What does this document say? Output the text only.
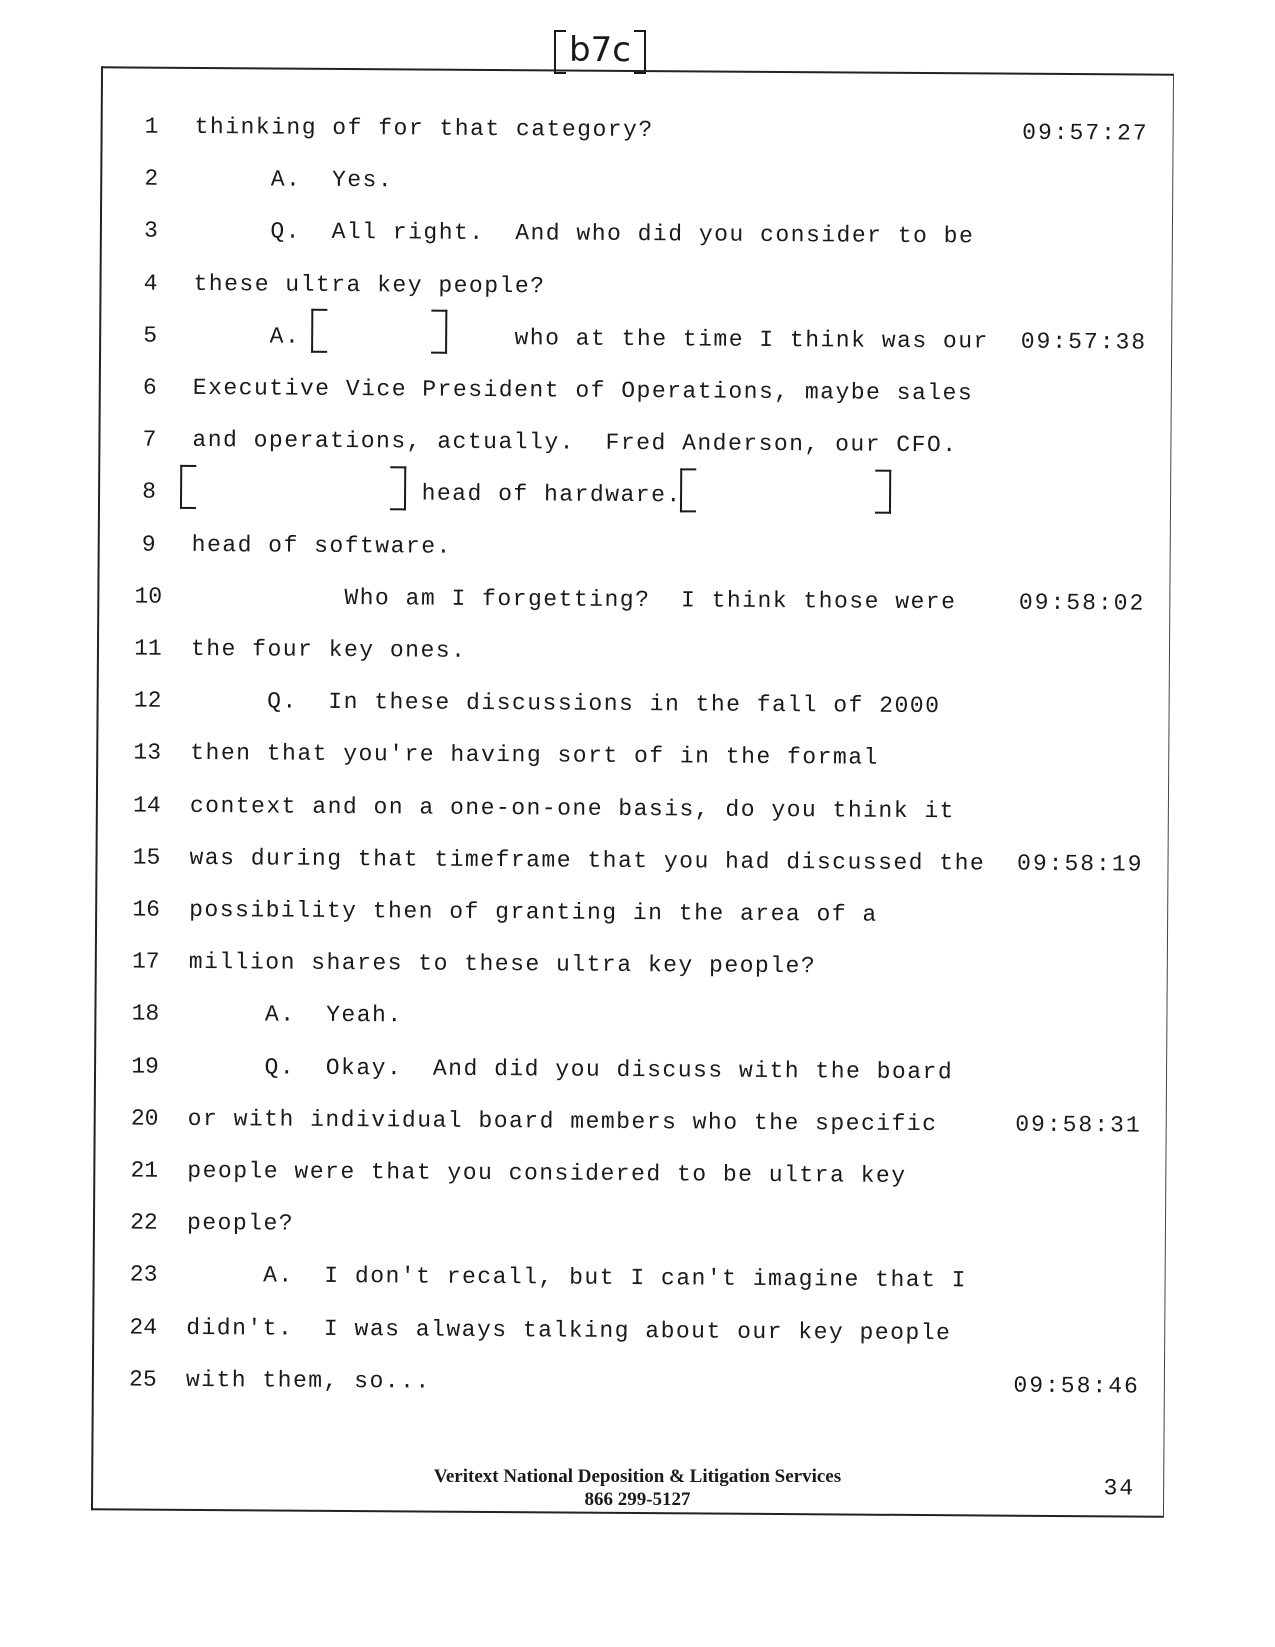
b7c
1	thinking of for that category?	09:57:27
2	A.  Yes.
3	Q.  All right.  And who did you consider to be
4	these ultra key people?
5	A.              who at the time I think was our 09:57:38
6	Executive Vice President of Operations, maybe sales
7	and operations, actually.  Fred Anderson, our CFO.
8	head of hardware.
9	head of software.
10	Who am I forgetting?  I think those were	09:58:02
11	the four key ones.
12	Q.  In these discussions in the fall of 2000
13	then that you're having sort of in the formal
14	context and on a one-on-one basis, do you think it
15	was during that timeframe that you had discussed the 09:58:19
16	possibility then of granting in the area of a
17	million shares to these ultra key people?
18	A.  Yeah.
19	Q.  Okay.  And did you discuss with the board
20	or with individual board members who the specific	09:58:31
21	people were that you considered to be ultra key
22	people?
23	A.  I don't recall, but I can't imagine that I
24	didn't.  I was always talking about our key people
25	with them, so...	09:58:46
34
Veritext National Deposition & Litigation Services
866 299-5127
